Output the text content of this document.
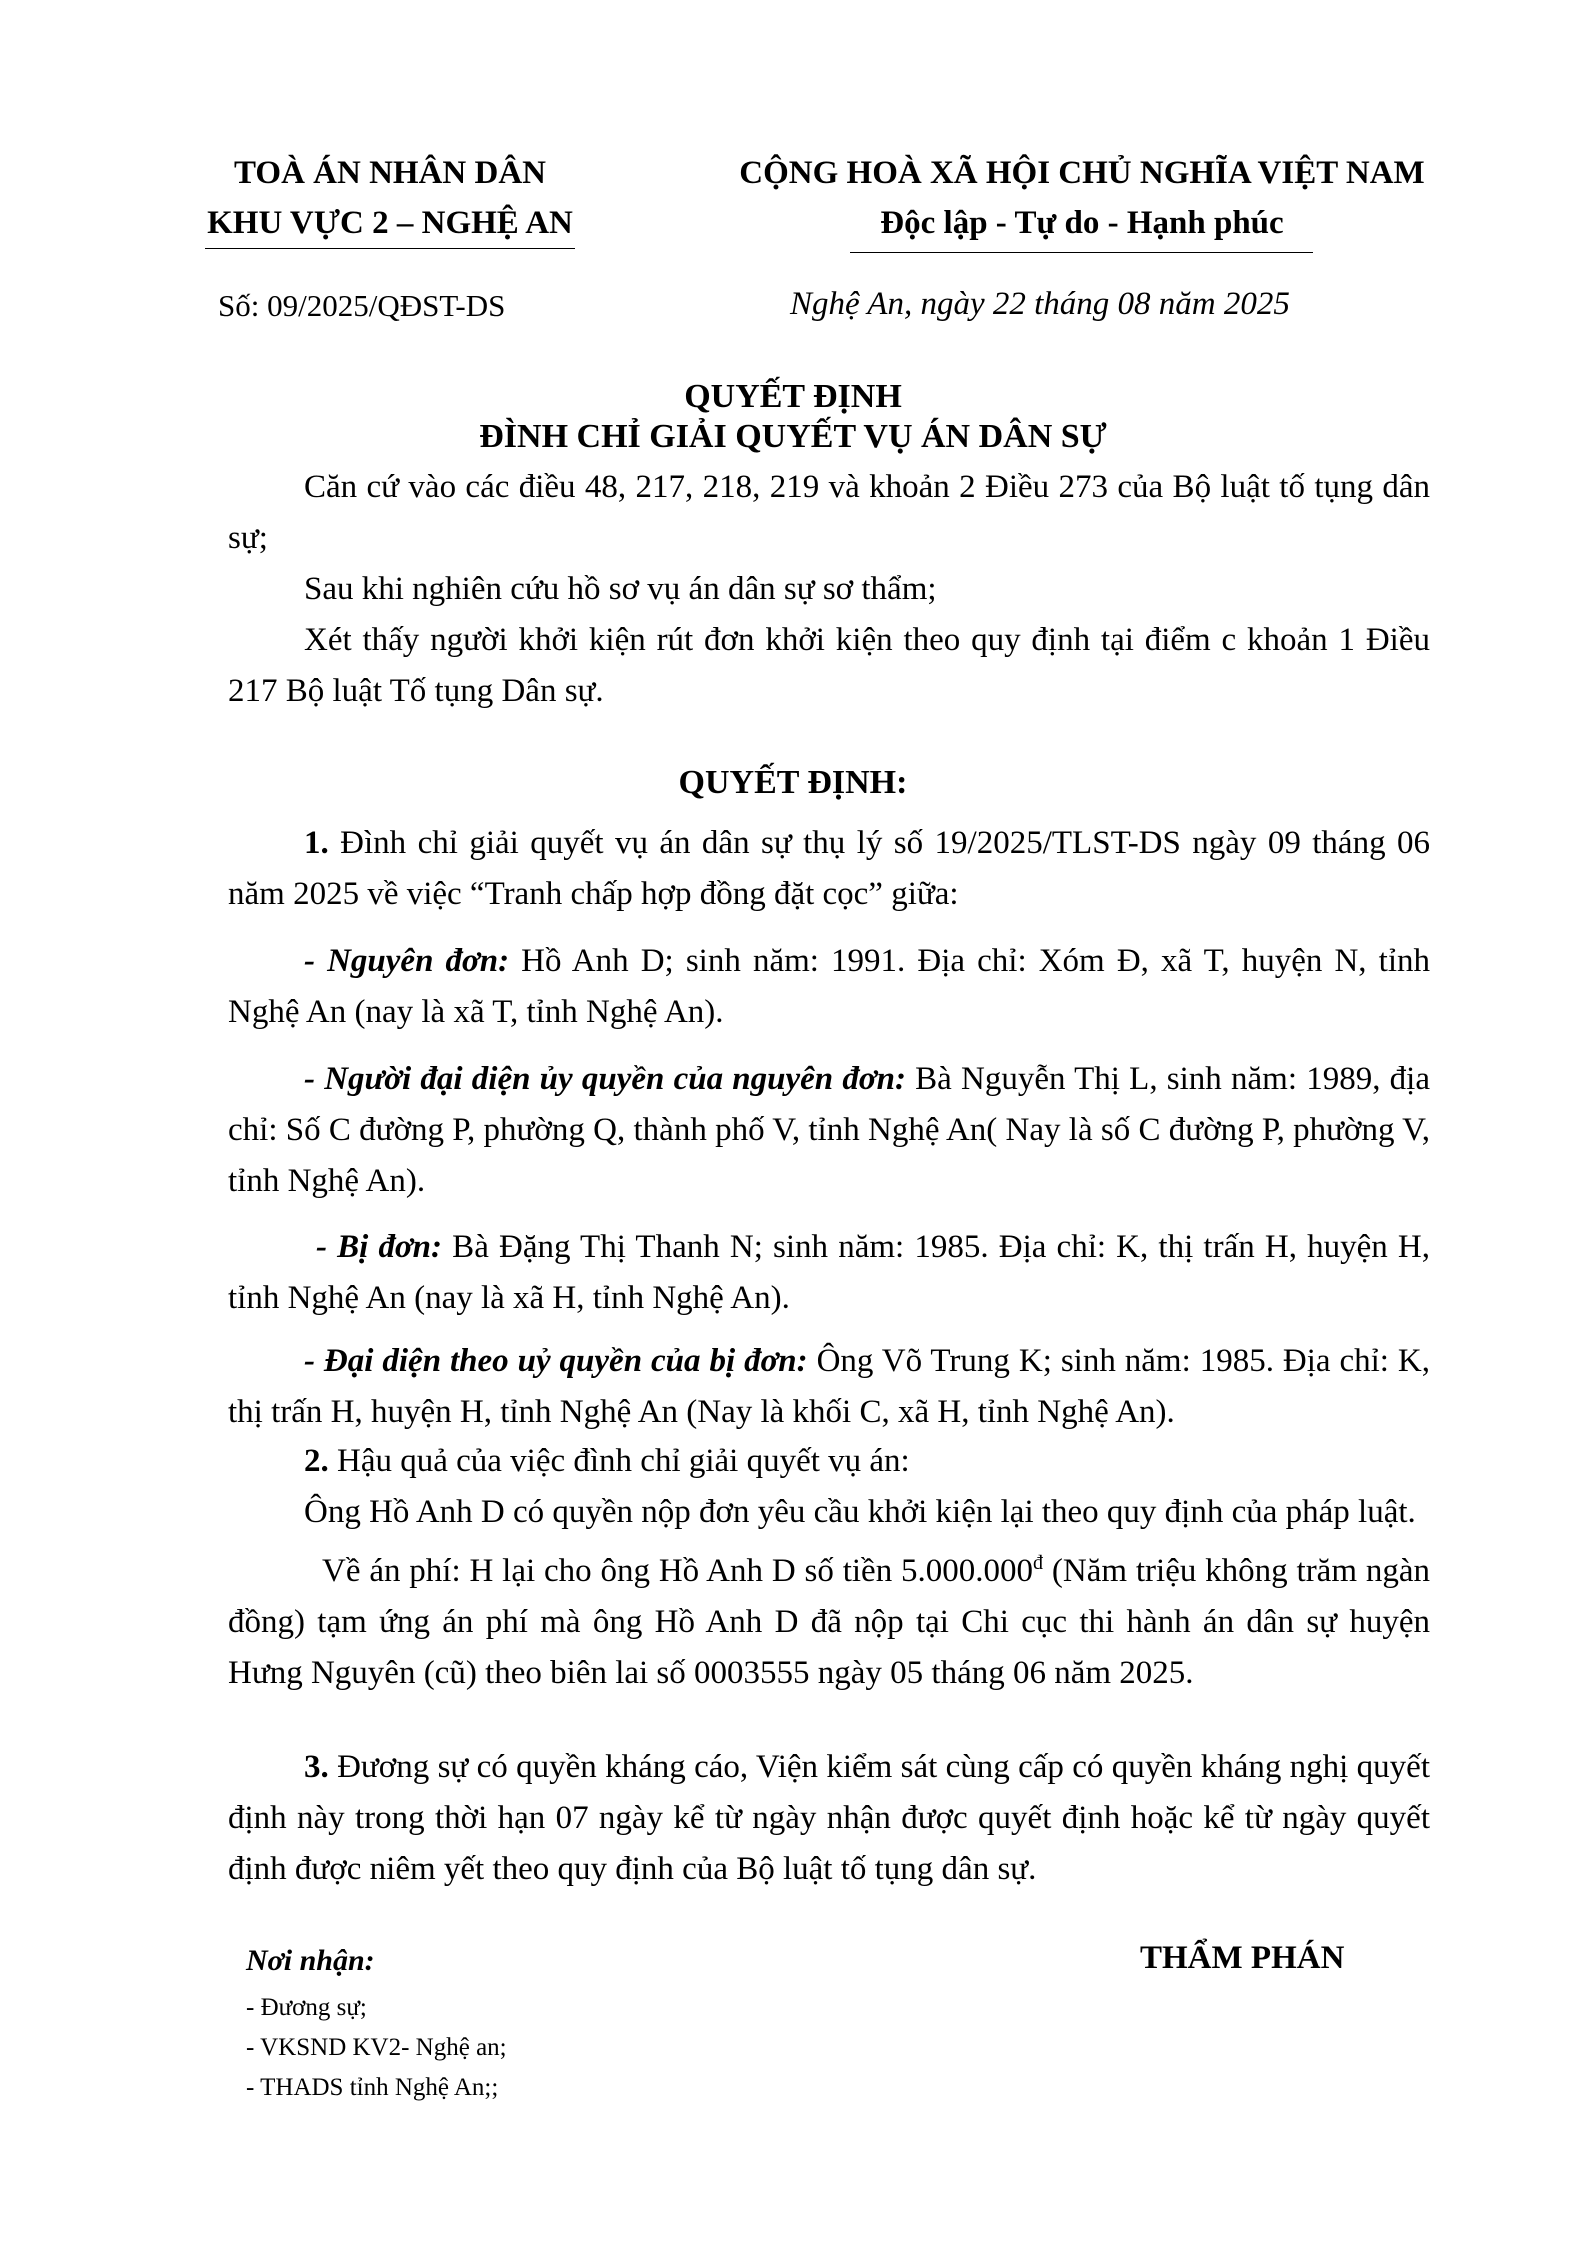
TOÀ ÁN NHÂN DÂN
KHU VỰC 2 – NGHỆ AN
CỘNG HOÀ XÃ HỘI CHỦ NGHĨA VIỆT NAM
Độc lập - Tự do - Hạnh phúc
Số: 09/2025/QĐST-DS	Nghệ An, ngày 22 tháng 08 năm 2025
QUYẾT ĐỊNH
ĐÌNH CHỈ GIẢI QUYẾT VỤ ÁN DÂN SỰ

Căn cứ vào các điều 48, 217, 218, 219 và khoản 2 Điều 273 của Bộ luật tố tụng dân sự;

Sau khi nghiên cứu hồ sơ vụ án dân sự sơ thẩm;

Xét thấy người khởi kiện rút đơn khởi kiện theo quy định tại điểm c khoản 1 Điều 217 Bộ luật Tố tụng Dân sự.

QUYẾT ĐỊNH:

1. Đình chỉ giải quyết vụ án dân sự thụ lý số 19/2025/TLST-DS ngày 09 tháng 06 năm 2025 về việc “Tranh chấp hợp đồng đặt cọc” giữa:

- Nguyên đơn: Hồ Anh D; sinh năm: 1991. Địa chỉ: Xóm Đ, xã T, huyện N, tỉnh Nghệ An (nay là xã T, tỉnh Nghệ An).

- Người đại diện ủy quyền của nguyên đơn: Bà Nguyễn Thị L, sinh năm: 1989, địa chỉ: Số C đường P, phường Q, thành phố V, tỉnh Nghệ An( Nay là số C đường P, phường V, tỉnh Nghệ An).

- Bị đơn: Bà Đặng Thị Thanh N; sinh năm: 1985. Địa chỉ: K, thị trấn H, huyện H, tỉnh Nghệ An (nay là xã H, tỉnh Nghệ An).

- Đại diện theo uỷ quyền của bị đơn: Ông Võ Trung K; sinh năm: 1985. Địa chỉ: K, thị trấn H, huyện H, tỉnh Nghệ An (Nay là khối C, xã H, tỉnh Nghệ An).

2. Hậu quả của việc đình chỉ giải quyết vụ án:

Ông Hồ Anh D có quyền nộp đơn yêu cầu khởi kiện lại theo quy định của pháp luật.

Về án phí: H lại cho ông Hồ Anh D số tiền $5.000.000^đ$ (Năm triệu không trăm ngàn đồng) tạm ứng án phí mà ông Hồ Anh D đã nộp tại Chi cục thi hành án dân sự huyện Hưng Nguyên (cũ) theo biên lai số 0003555 ngày 05 tháng 06 năm 2025.

3. Đương sự có quyền kháng cáo, Viện kiểm sát cùng cấp có quyền kháng nghị quyết định này trong thời hạn 07 ngày kể từ ngày nhận được quyết định hoặc kể từ ngày quyết định được niêm yết theo quy định của Bộ luật tố tụng dân sự.

Nơi nhận:
- Đương sự;
- VKSND KV2- Nghệ an;
- THADS tỉnh Nghệ An;;
THẨM PHÁN
